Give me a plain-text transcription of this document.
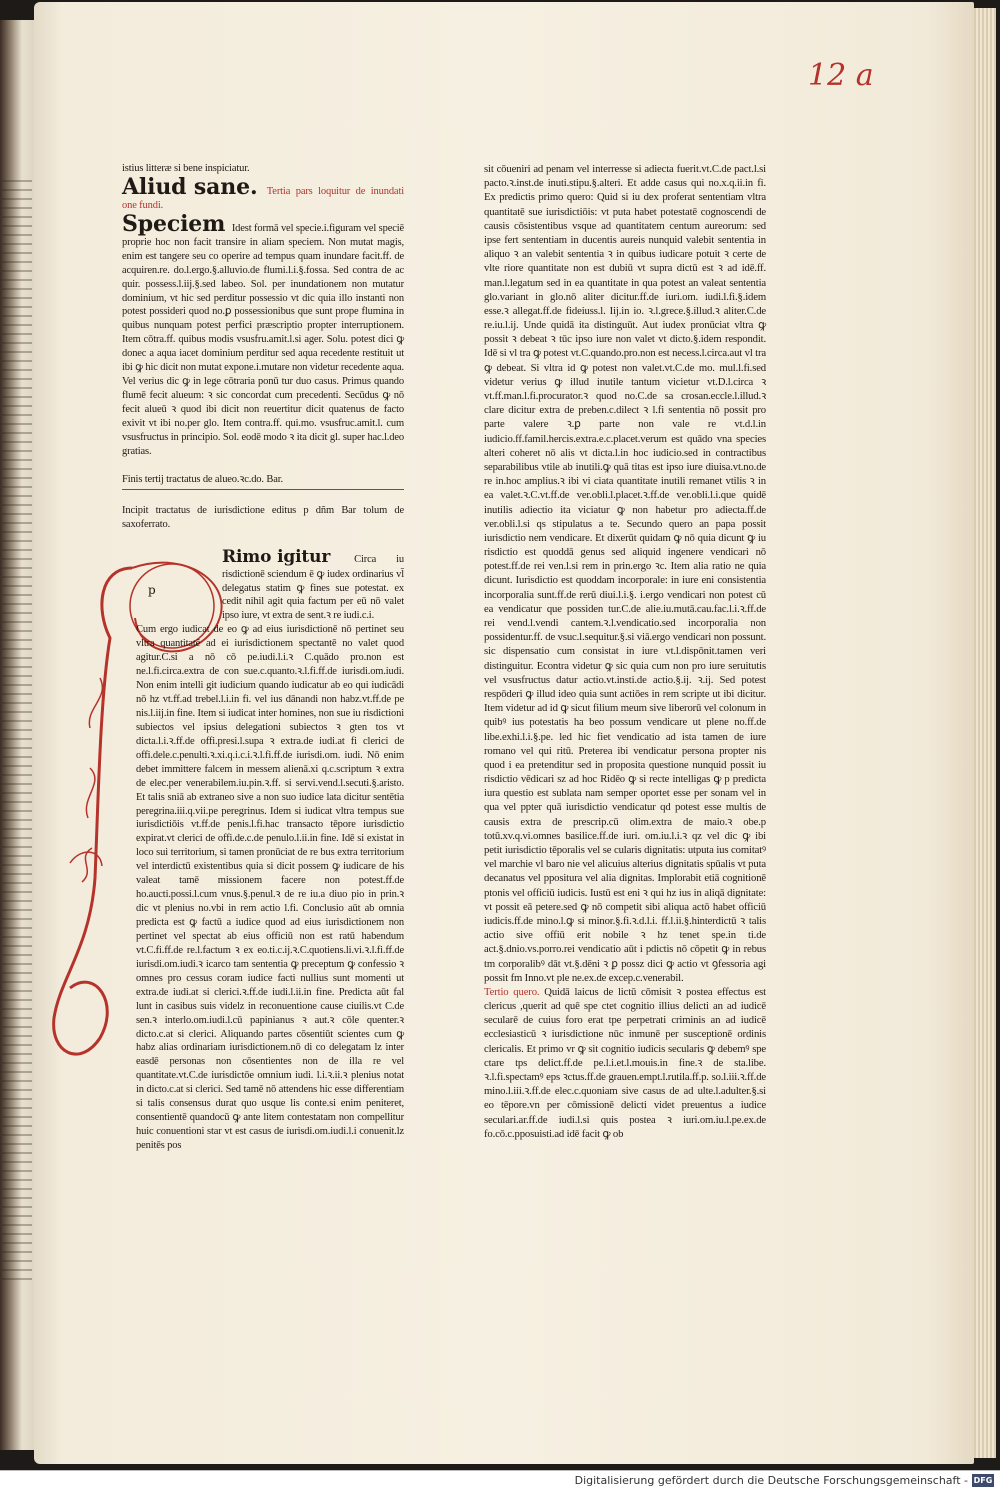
12 a
p

istius litteræ si bene inspiciatur.

Aliud sane. Tertia pars loquitur de inundati one fundi.

Speciem Idest formā vel specie.i.figuram vel speciē proprie hoc non facit transire in aliam speciem. Non mutat magis, enim est tangere seu co operire ad tempus quam inundare facit.ff. de acquiren.re. do.l.ergo.§.alluvio.de flumi.l.i.§.fossa. Sed contra de ac quir. possess.l.iij.§.sed labeo. Sol. per inundationem non mutatur dominium, vt hic sed perditur possessio vt dic quia illo instanti non potest possideri quod no.ꝑ possessionibus que sunt prope flumina in quibus nunquam potest perfici præscriptio propter interruptionem. Item cōtra.ff. quibus modis vsusfru.amit.l.si ager. Solu. potest dici ꝙ donec a aqua iacet dominium perditur sed aqua recedente restituit ut ibi ꝙ hic dicit non mutat expone.i.mutare non videtur recedente aqua. Vel verius dic ꝙ in lege cōtraria ponū tur duo casus. Primus quando flumē fecit alueum: ꝛ sic concordat cum precedenti. Secūdus ꝙ nō fecit alueū ꝛ quod ibi dicit non reuertitur dicit quatenus de facto exivit vt ibi no.per glo. Item contra.ff. qui.mo. vsusfruc.amit.l. cum vsusfructus in principio. Sol. eodē modo ꝛ ita dicit gl. super hac.l.deo gratias.

Finis tertij tractatus de alueo.ꝛc.do. Bar.

Incipit tractatus de iurisdictione editus p dñm Bar tolum de saxoferrato.

Rimo igitur Circa iu risdictionē sciendum ē ꝙ iudex ordinarius vl̄ delegatus statim ꝙ fines sue potestat. ex cedit nihil agit quia factum per eū nō valet ipso iure, vt extra de sent.ꝛ re iudi.c.i.

Cum ergo iudicat de eo ꝙ ad eius iurisdictionē nō pertinet seu vltra quantitatē ad ei iurisdictionem spectantē no valet quod agitur.C.si a nō cō pe.iudi.l.i.ꝛ C.quādo pro.non est ne.l.fi.circa.extra de con sue.c.quanto.ꝛ.l.fi.ff.de iurisdi.om.iudi. Non enim intelli git iudicium quando iudicatur ab eo qui iudicādi nō hz vt.ff.ad trebel.l.i.in fi. vel ius dānandi non habz.vt.ff.de pe nis.l.iij.in fine. Item si iudicat inter homines, non sue iu risdictioni subiectos vel ipsius delegationi subiectos ꝛ gten tos vt dicta.l.i.ꝛ.ff.de offi.presi.l.supa ꝛ extra.de iudi.at fi clerici de offi.dele.c.penulti.ꝛ.xi.q.i.c.i.ꝛ.l.fi.ff.de iurisdi.om. iudi. Nō enim debet immittere falcem in messem alienā.xi q.c.scriptum ꝛ extra de elec.per venerabilem.iu.pin.ꝛ.ff. si servi.vend.l.secuti.§.aristo. Et talis sniā ab extraneo sive a non suo iudice lata dicitur sentētia peregrina.iii.q.vii.pe peregrinus. Idem si iudicat vltra tempus sue iurisdictiōis vt.ff.de penis.l.fi.hac transacto tēpore iurisdictio expirat.vt clerici de offi.de.c.de penulo.l.ii.in fine. Idē si existat in loco sui territorium, si tamen pronūciat de re bus extra territorium vel interdictū existentibus quia si dicit possem ꝙ iudicare de his valeat tamē missionem facere non potest.ff.de ho.aucti.possi.l.cum vnus.§.penul.ꝛ de re iu.a diuo pio in prin.ꝛ dic vt plenius no.vbi in rem actio l.fi. Conclusio aūt ab omnia predicta est ꝙ factū a iudice quod ad eius iurisdictionem non pertinet vel spectat ab eius officiū non est ratū habendum vt.C.fi.ff.de re.l.factum ꝛ ex eo.ti.c.ij.ꝛ.C.quotiens.li.vi.ꝛ.l.fi.ff.de iurisdi.om.iudi.ꝛ icarco tam sententia ꝙ preceptum ꝙ confessio ꝛ omnes pro cessus coram iudice facti nullius sunt momenti ut extra.de iudi.at si clerici.ꝛ.ff.de iudi.l.ii.in fine. Predicta aūt fal lunt in casibus suis videlz in reconuentione cause ciuilis.vt C.de sen.ꝛ interlo.om.iudi.l.cū papinianus ꝛ aut.ꝛ cōle quenter.ꝛ dicto.c.at si clerici. Aliquando partes cōsentiūt scientes cum ꝙ habz alias ordinariam iurisdictionem.nō di co delegatam lz inter easdē personas non cōsentientes non de illa re vel quantitate.vt.C.de iurisdictōe omnium iudi. l.i.ꝛ.ii.ꝛ plenius notat in dicto.c.at si clerici. Sed tamē nō attendens hic esse differentiam si talis consensus durat quo usque lis conte.si enim peniteret, consentientē quandocū ꝙ ante litem contestatam non compellitur huic conuentioni star vt est casus de iurisdi.om.iudi.l.i conuenit.lz penitēs pos

sit cōueniri ad penam vel interresse si adiecta fuerit.vt.C.de pact.l.si pacto.ꝛ.inst.de inuti.stipu.§.alteri. Et adde casus qui no.x.q.ii.in fi. Ex predictis primo quero: Quid si iu dex proferat sententiam vltra quantitatē sue iurisdictiōis: vt puta habet potestatē cognoscendi de causis cōsistentibus vsque ad quantitatem centum aureorum: sed ipse fert sententiam in ducentis aureis nunquid valebit sententia in aliquo ꝛ an valebit sententia ꝛ in quibus iudicare potuit ꝛ certe de vlte riore quantitate non est dubiū vt supra dictū est ꝛ ad idē.ff. man.l.legatum sed in ea quantitate in qua potest an valeat sententia glo.variant in glo.nō aliter dicitur.ff.de iuri.om. iudi.l.fi.§.idem esse.ꝛ allegat.ff.de fideiuss.l. Iij.in io. ꝛ.l.grece.§.illud.ꝛ aliter.C.de re.iu.l.ij. Unde quidā ita distinguūt. Aut iudex pronūciat vltra ꝙ possit ꝛ debeat ꝛ tūc ipso iure non valet vt dicto.§.idem respondit. Idē si vl tra ꝙ potest vt.C.quando.pro.non est necess.l.circa.aut vl tra ꝙ debeat. Si vltra id ꝙ potest non valet.vt.C.de mo. mul.l.fi.sed videtur verius ꝙ illud inutile tantum vicietur vt.D.l.circa ꝛ vt.ff.man.l.fi.procurator.ꝛ quod no.C.de sa crosan.eccle.l.illud.ꝛ clare dicitur extra de preben.c.dilect ꝛ l.fi sententia nō possit pro parte valere ꝛ.ꝑ parte non vale re vt.d.l.in iudicio.ff.famil.hercis.extra.e.c.placet.verum est quādo vna species alteri coheret nō alis vt dicta.l.in hoc iudicio.sed in contractibus separabilibus vtile ab inutili.ꝙ quā titas est ipso iure diuisa.vt.no.de re in.hoc amplius.ꝛ ibi vi ciata quantitate inutili remanet vtilis ꝛ in ea valet.ꝛ.C.vt.ff.de ver.obli.l.placet.ꝛ.ff.de ver.obli.l.i.que quidē inutilis adiectio ita viciatur ꝙ non habetur pro adiecta.ff.de ver.obli.l.si qs stipulatus a te. Secundo quero an papa possit iurisdictio nem vendicare. Et dixerūt quidam ꝙ nō quia dicunt ꝙ iu risdictio est quoddā genus sed aliquid ingenere vendicari nō potest.ff.de rei ven.l.si rem in prin.ergo ꝛc. Item alia ratio ne quia dicunt. Iurisdictio est quoddam incorporale: in iure eni consistentia incorporalia sunt.ff.de rerū diui.l.i.§. i.ergo vendicari non potest cū ea vendicatur que possiden tur.C.de alie.iu.mutā.cau.fac.l.i.ꝛ.ff.de rei vend.l.vendi cantem.ꝛ.l.vendicatio.sed incorporalia non possidentur.ff. de vsuc.l.sequitur.§.si viā.ergo vendicari non possunt. sic dispensatio cum consistat in iure vt.l.dispōnit.tamen veri distinguitur. Econtra videtur ꝙ sic quia cum non pro iure seruitutis vel vsusfructus datur actio.vt.insti.de actio.§.ij. ꝛ.ij. Sed potest respōderi ꝙ illud ideo quia sunt actiōes in rem scripte ut ibi dicitur. Item videtur ad id ꝙ sicut filium meum sive liberorū vel colonum in quibꝰ ius potestatis ha beo possum vendicare ut plene no.ff.de libe.exhi.l.i.§.pe. led hic fiet vendicatio ad ista tamen de iure romano vel qui ritū. Preterea ibi vendicatur persona propter nis quod i ea pretenditur sed in proposita questione nunquid possit iu risdictio vēdicari sz ad hoc Ridēo ꝙ si recte intelligas ꝙ p predicta iura questio est sublata nam semper oportet esse per sonam vel in qua vel ppter quā iurisdictio vendicatur qd potest esse multis de causis extra de prescrip.cū olim.extra de maio.ꝛ obe.p totū.xv.q.vi.omnes basilice.ff.de iuri. om.iu.l.i.ꝛ qz vel dic ꝙ ibi petit iurisdictio tēporalis vel se cularis dignitatis: utputa ius comitatꝰ vel marchie vl baro nie vel alicuius alterius dignitatis spūalis vt puta decanatus vel ppositura vel alia dignitas. Implorabit etiā cognitionē ptonis vel officiū iudicis. Iustū est eni ꝛ qui hz ius in aliqā dignitate: vt possit eā petere.sed ꝙ nō competit sibi aliqua actō habet officiū iudicis.ff.de mino.l.ꝙ si minor.§.fi.ꝛ.d.l.i. ff.l.ii.§.hinterdictū ꝛ talis actio sive offiū erit nobile ꝛ hz tenet spe.in ti.de act.§.dnio.vs.porro.rei vendicatio aūt i pdictis nō cōpetit ꝙ in rebus tm corporalibꝰ dāt vt.§.dēni ꝛ ꝑ possz dici ꝙ actio vt ꝯfessoria agi possit fm Inno.vt ple ne.ex.de excep.c.venerabil.

Tertio quero. Quidā laicus de lictū cōmisit ꝛ postea effectus est clericus ,querit ad quē spe ctet cognitio illius delicti an ad iudicē secularē de cuius foro erat tpe perpetrati criminis an ad iudicē ecclesiasticū ꝛ iurisdictione nūc inmunē per susceptionē ordinis clericalis. Et primo vr ꝙ sit cognitio iudicis secularis ꝙ debemꝰ spe ctare tps delict.ff.de pe.l.i.et.l.mouis.in fine.ꝛ de sta.libe. ꝛ.l.fi.spectamꝰ eps ꝛctus.ff.de grauen.empt.l.rutila.ff.p. so.l.iii.ꝛ.ff.de mino.l.iii.ꝛ.ff.de elec.c.quoniam sive casus de ad ulte.l.adulter.§.si eo tēpore.vn per cōmissionē delicti videt preuentus a iudice seculari.ar.ff.de iudi.l.si quis postea ꝛ iuri.om.iu.l.pe.ex.de fo.cō.c.pposuisti.ad idē facit ꝙ ob

Digitalisierung gefördert durch die Deutsche Forschungsgemeinschaft - DFG
